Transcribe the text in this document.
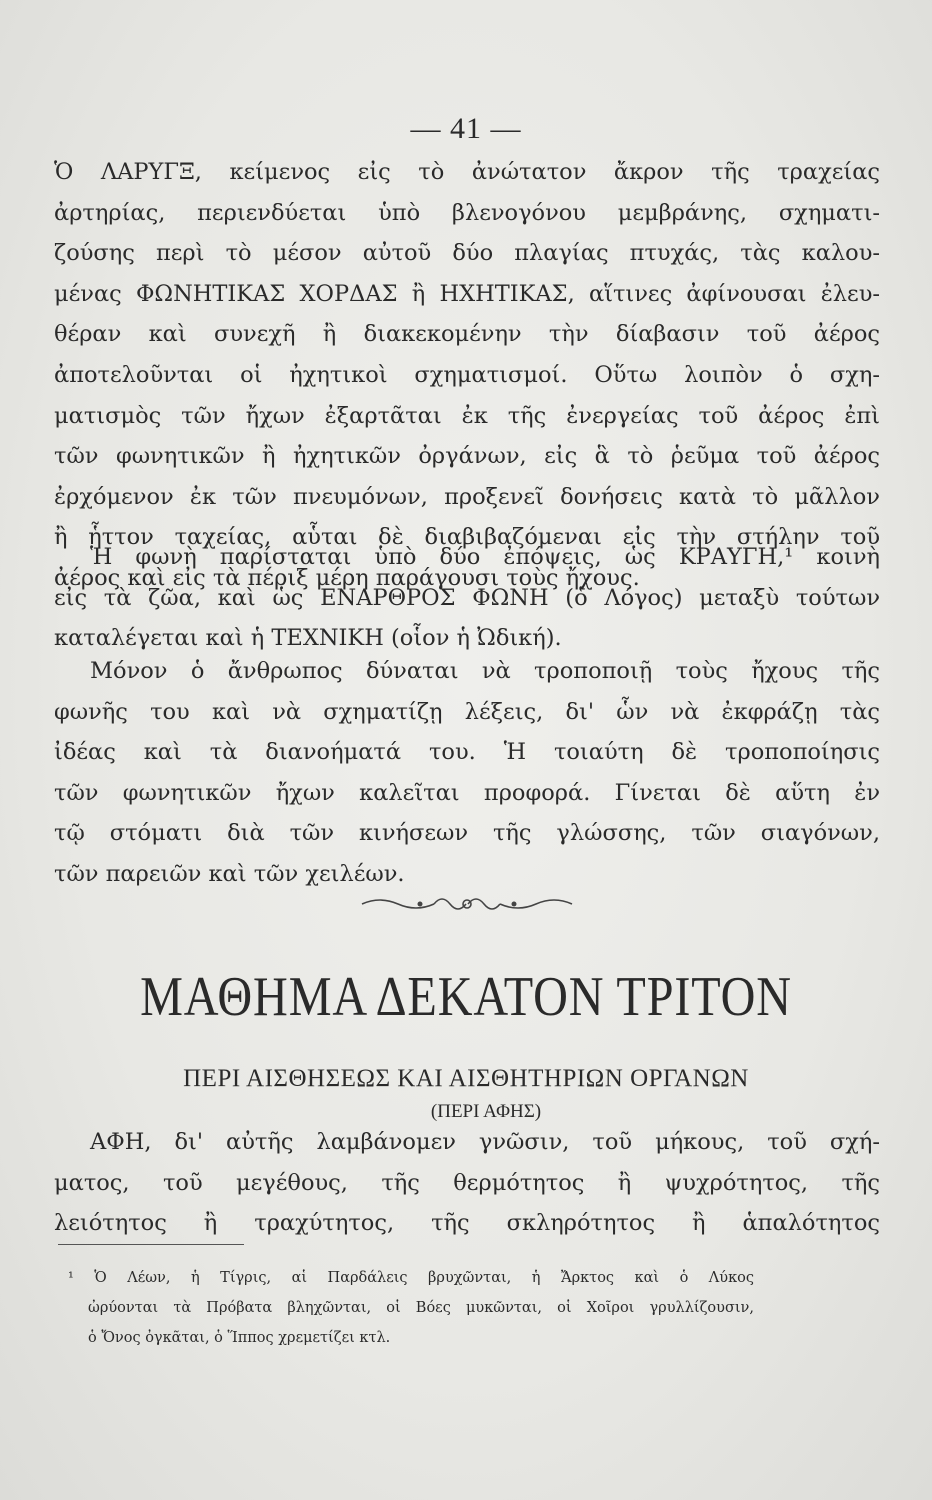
— 41 —
Ὁ ΛΑΡΥΓΞ, κείμενος εἰς τὸ ἀνώτατον ἄκρον τῆς τραχείας
ἀρτηρίας, περιενδύεται ὑπὸ βλενογόνου μεμβράνης, σχηματι-
ζούσης περὶ τὸ μέσον αὐτοῦ δύο πλαγίας πτυχάς, τὰς καλου-
μένας ΦΩΝΗΤΙΚΑΣ ΧΟΡΔΑΣ ἢ ΗΧΗΤΙΚΑΣ, αἵτινες ἀφίνουσαι ἐλευ-
θέραν καὶ συνεχῆ ἢ διακεκομένην τὴν δίαβασιν τοῦ ἀέρος
ἀποτελοῦνται οἱ ἠχητικοὶ σχηματισμοί. Οὕτω λοιπὸν ὁ σχη-
ματισμὸς τῶν ἤχων ἐξαρτᾶται ἐκ τῆς ἐνεργείας τοῦ ἀέρος ἐπὶ
τῶν φωνητικῶν ἢ ἠχητικῶν ὀργάνων, εἰς ἃ τὸ ῥεῦμα τοῦ ἀέρος
ἐρχόμενον ἐκ τῶν πνευμόνων, προξενεῖ δονήσεις κατὰ τὸ μᾶλλον
ἢ ἧττον ταχείας, αὗται δὲ διαβιβαζόμεναι εἰς τὴν στήλην τοῦ
ἀέρος καὶ εἰς τὰ πέριξ μέρη παράγουσι τοὺς ἤχους.
Ἡ φωνὴ παρίσταται ὑπὸ δύο ἐπόψεις, ὡς ΚΡΑΥΓΗ,¹ κοινὴ
εἰς τὰ ζῶα, καὶ ὡς ΕΝΑΡΘΡΟΣ ΦΩΝΗ (ὁ Λόγος) μεταξὺ τούτων
καταλέγεται καὶ ἡ ΤΕΧΝΙΚΗ (οἷον ἡ Ὠδική).
Μόνον ὁ ἄνθρωπος δύναται νὰ τροποποιῇ τοὺς ἤχους τῆς
φωνῆς του καὶ νὰ σχηματίζῃ λέξεις, δι' ὧν νὰ ἐκφράζῃ τὰς
ἰδέας καὶ τὰ διανοήματά του. Ἡ τοιαύτη δὲ τροποποίησις
τῶν φωνητικῶν ἤχων καλεῖται προφορά. Γίνεται δὲ αὕτη ἐν
τῷ στόματι διὰ τῶν κινήσεων τῆς γλώσσης, τῶν σιαγόνων,
τῶν παρειῶν καὶ τῶν χειλέων.
ΜΑΘΗΜΑ ΔΕΚΑΤΟΝ ΤΡΙΤΟΝ
ΠΕΡΙ ΑΙΣΘΗΣΕΩΣ ΚΑΙ ΑΙΣΘΗΤΗΡΙΩΝ ΟΡΓΑΝΩΝ
(ΠΕΡΙ ΑΦΗΣ)
ΑΦΗ, δι' αὐτῆς λαμβάνομεν γνῶσιν, τοῦ μήκους, τοῦ σχή-
ματος, τοῦ μεγέθους, τῆς θερμότητος ἢ ψυχρότητος, τῆς
λειότητος ἢ τραχύτητος, τῆς σκληρότητος ἢ ἁπαλότητος
¹ Ὁ Λέων, ἡ Τίγρις, αἱ Παρδάλεις βρυχῶνται, ἡ Ἄρκτος καὶ ὁ Λύκος
ὠρύονται τὰ Πρόβατα βληχῶνται, οἱ Βόες μυκῶνται, οἱ Χοῖροι γρυλλίζουσιν,
ὁ Ὄνος ὀγκᾶται, ὁ Ἵππος χρεμετίζει κτλ.
